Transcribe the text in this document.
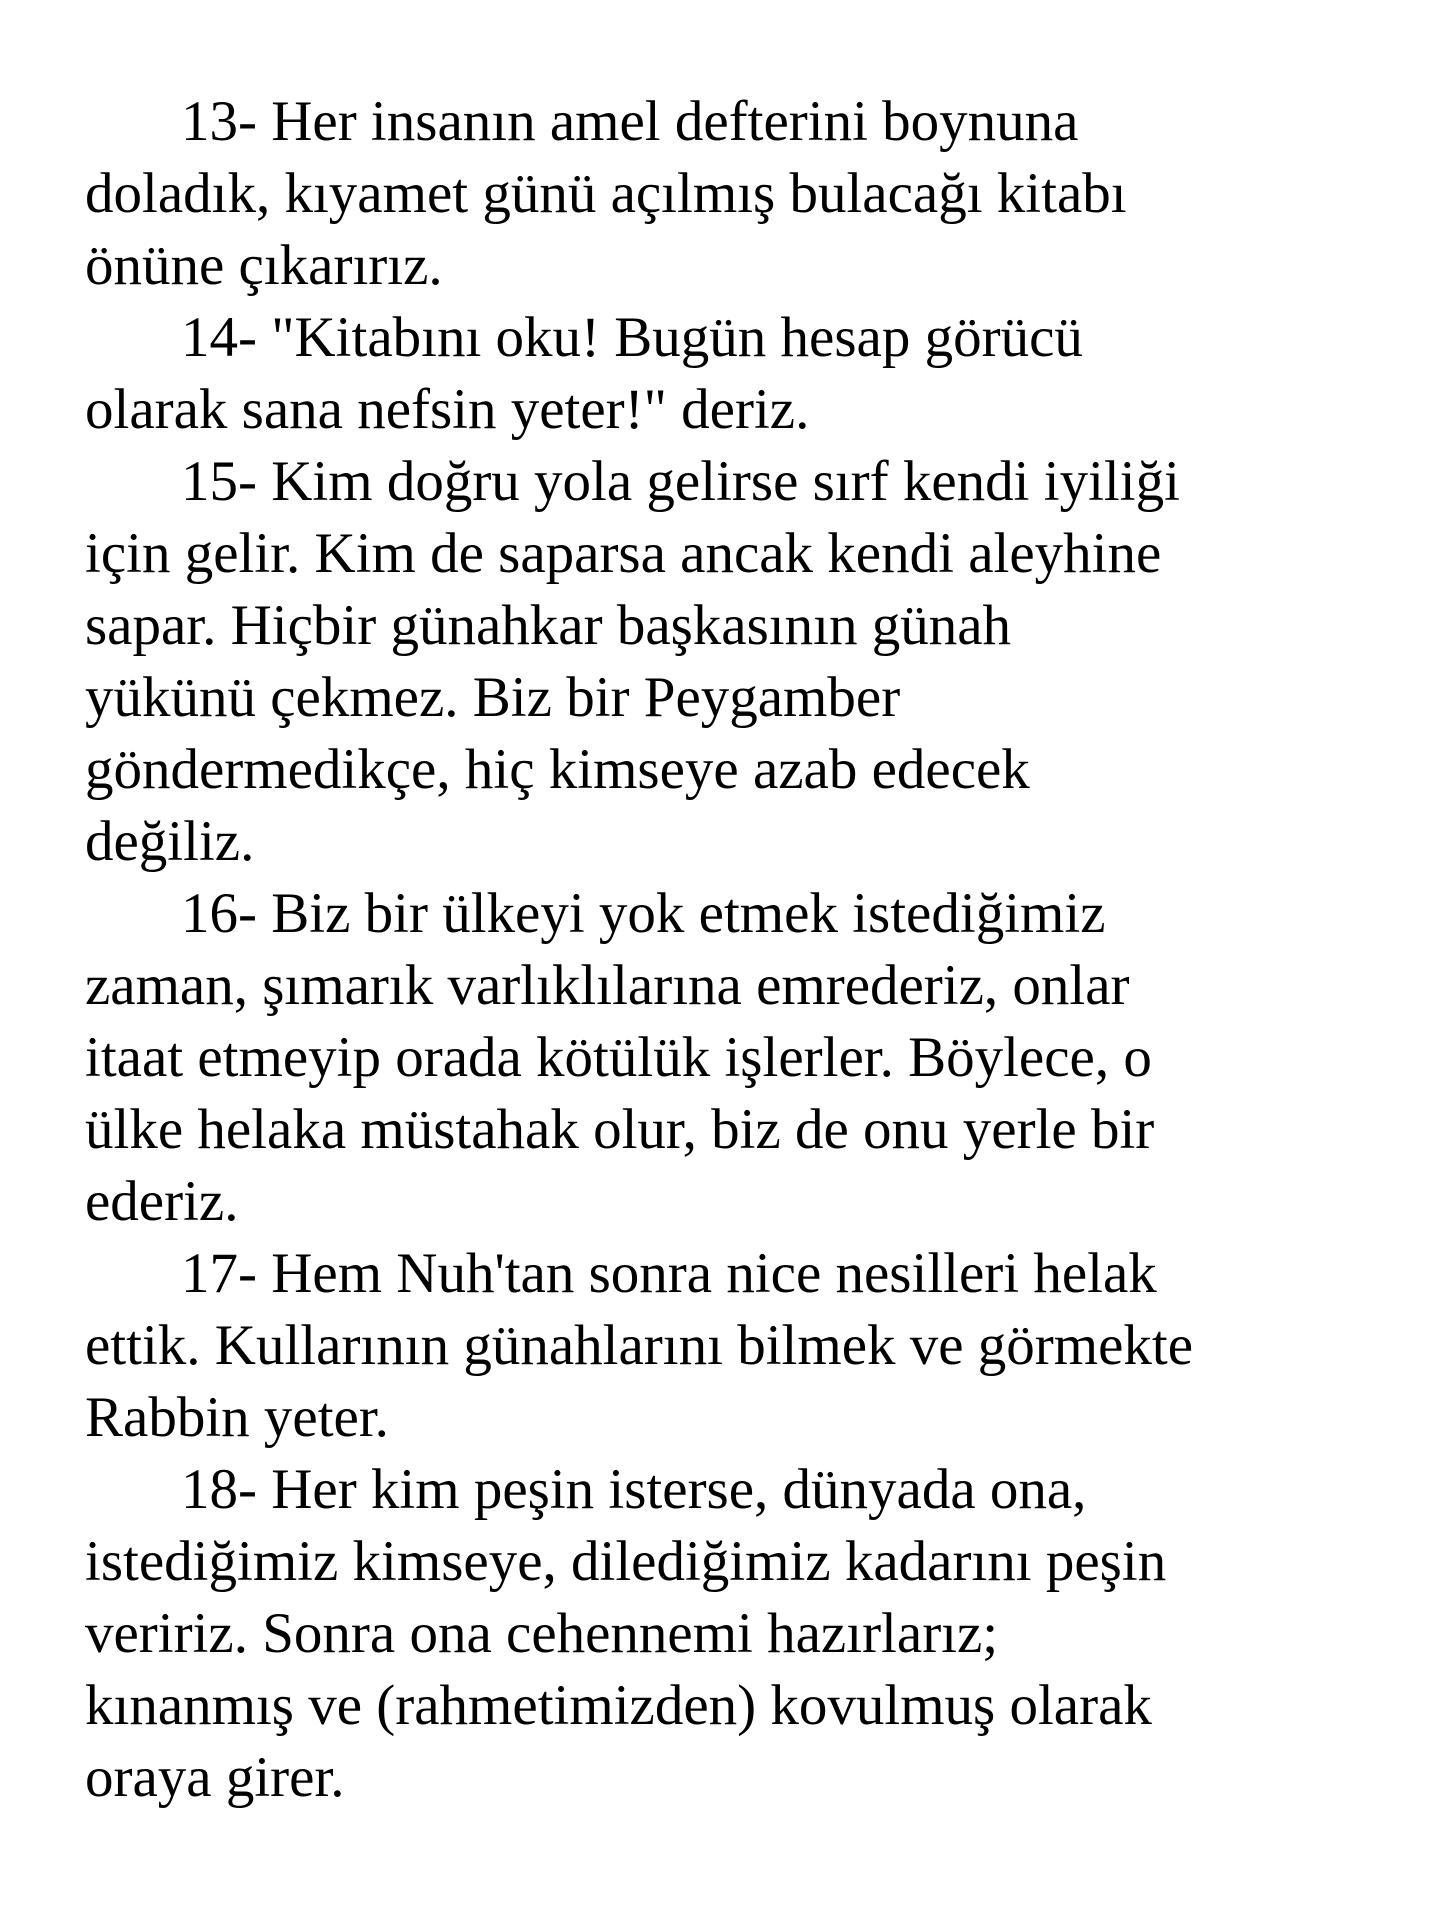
13- Her insanın amel defterini boynuna
doladık, kıyamet günü açılmış bulacağı kitabı
önüne çıkarırız.
14- "Kitabını oku! Bugün hesap görücü
olarak sana nefsin yeter!" deriz.
15- Kim doğru yola gelirse sırf kendi iyiliği
için gelir. Kim de saparsa ancak kendi aleyhine
sapar. Hiçbir günahkar başkasının günah
yükünü çekmez. Biz bir Peygamber
göndermedikçe, hiç kimseye azab edecek
değiliz.
16- Biz bir ülkeyi yok etmek istediğimiz
zaman, şımarık varlıklılarına emrederiz, onlar
itaat etmeyip orada kötülük işlerler. Böylece, o
ülke helaka müstahak olur, biz de onu yerle bir
ederiz.
17- Hem Nuh'tan sonra nice nesilleri helak
ettik. Kullarının günahlarını bilmek ve görmekte
Rabbin yeter.
18- Her kim peşin isterse, dünyada ona,
istediğimiz kimseye, dilediğimiz kadarını peşin
veririz. Sonra ona cehennemi hazırlarız;
kınanmış ve (rahmetimizden) kovulmuş olarak
oraya girer.
